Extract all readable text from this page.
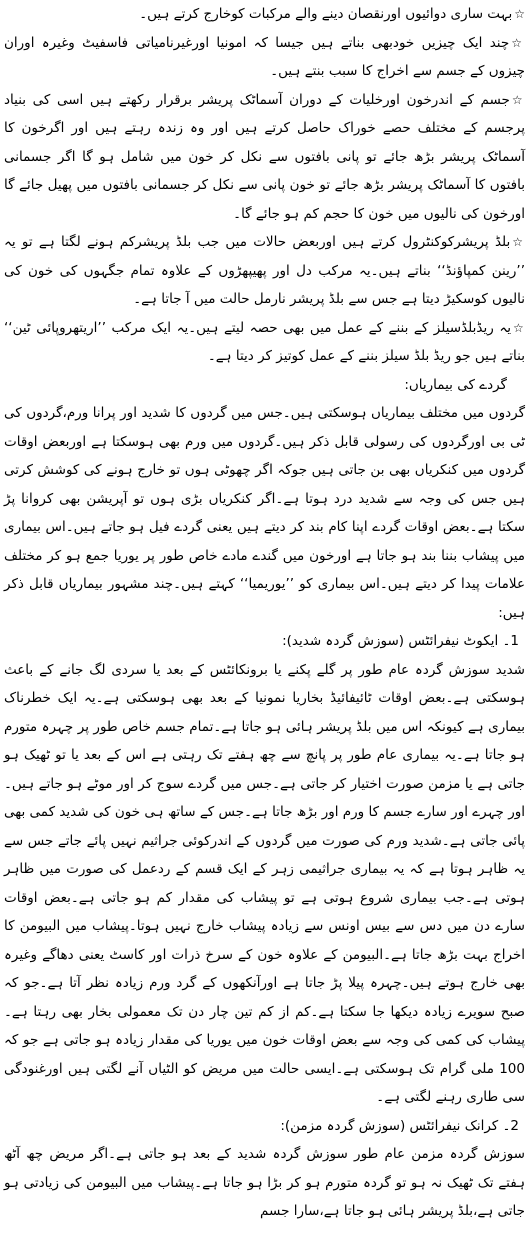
☆بہت ساری دوائیوں اورنقصان دینے والے مرکبات کوخارج کرتے ہیں۔

☆چند ایک چیزیں خودبھی بناتے ہیں جیسا کہ امونیا اورغیرنامیاتی فاسفیٹ وغیرہ اوران چیزوں کے جسم سے اخراج کا سبب بنتے ہیں۔

☆جسم کے اندرخون اورخلیات کے دوران آسماٹک پریشر برقرار رکھتے ہیں اسی کی بنیاد پرجسم کے مختلف حصے خوراک حاصل کرتے ہیں اور وہ زندہ رہتے ہیں اور اگرخون کا آسماٹک پریشر بڑھ جائے تو پانی بافتوں سے نکل کر خون میں شامل ہو گا اگر جسمانی بافتوں کا آسماٹک پریشر بڑھ جائے تو خون پانی سے نکل کر جسمانی بافتوں میں پھیل جائے گا اورخون کی نالیوں میں خون کا حجم کم ہو جائے گا۔

☆بلڈ پریشرکوکنٹرول کرتے ہیں اوربعض حالات میں جب بلڈ پریشرکم ہونے لگتا ہے تو یہ ’’رینن کمپاؤنڈ‘‘ بناتے ہیں۔یہ مرکب دل اور پھیپھڑوں کے علاوہ تمام جگہوں کی خون کی نالیوں کوسکیڑ دیتا ہے جس سے بلڈ پریشر نارمل حالت میں آ جاتا ہے۔

☆یہ ریڈبلڈسیلز کے بننے کے عمل میں بھی حصہ لیتے ہیں۔یہ ایک مرکب ’’اریتھروپائی ٹین‘‘ بناتے ہیں جو ریڈ بلڈ سیلز بننے کے عمل کوتیز کر دیتا ہے۔

گردے کی بیماریاں:

گردوں میں مختلف بیماریاں ہوسکتی ہیں۔جس میں گردوں کا شدید اور پرانا ورم،گردوں کی ٹی بی اورگردوں کی رسولی قابل ذکر ہیں۔گردوں میں ورم بھی ہوسکتا ہے اوربعض اوقات گردوں میں کنکریاں بھی بن جاتی ہیں جوکہ اگر چھوٹی ہوں تو خارج ہونے کی کوشش کرتی ہیں جس کی وجہ سے شدید درد ہوتا ہے۔اگر کنکریاں بڑی ہوں تو آپریشن بھی کروانا پڑ سکتا ہے۔بعض اوقات گردے اپنا کام بند کر دیتے ہیں یعنی گردے فیل ہو جاتے ہیں۔اس بیماری میں پیشاب بننا بند ہو جاتا ہے اورخون میں گندے مادے خاص طور پر یوریا جمع ہو کر مختلف علامات پیدا کر دیتے ہیں۔اس بیماری کو ’’یوریمیا‘‘ کہتے ہیں۔چند مشہور بیماریاں قابل ذکر ہیں:

1۔ ایکوٹ نیفرائٹس (سوزش گردہ شدید):

شدید سوزش گردہ عام طور پر گلے پکنے یا برونکائٹس کے بعد یا سردی لگ جانے کے باعث ہوسکتی ہے۔بعض اوقات ٹائیفائیڈ بخاریا نمونیا کے بعد بھی ہوسکتی ہے۔یہ ایک خطرناک بیماری ہے کیونکہ اس میں بلڈ پریشر ہائی ہو جاتا ہے۔تمام جسم خاص طور پر چہرہ متورم ہو جاتا ہے۔یہ بیماری عام طور پر پانچ سے چھ ہفتے تک رہتی ہے اس کے بعد یا تو ٹھیک ہو جاتی ہے یا مزمن صورت اختیار کر جاتی ہے۔جس میں گردے سوج کر اور موٹے ہو جاتے ہیں۔اور چہرے اور سارے جسم کا ورم اور بڑھ جاتا ہے۔جس کے ساتھ ہی خون کی شدید کمی بھی پائی جاتی ہے۔شدید ورم کی صورت میں گردوں کے اندرکوئی جراثیم نہیں پائے جاتے جس سے یہ ظاہر ہوتا ہے کہ یہ بیماری جراثیمی زہر کے ایک قسم کے ردعمل کی صورت میں ظاہر ہوتی ہے۔جب بیماری شروع ہوتی ہے تو پیشاب کی مقدار کم ہو جاتی ہے۔بعض اوقات سارے دن میں دس سے بیس اونس سے زیادہ پیشاب خارج نہیں ہوتا۔پیشاب میں البیومن کا اخراج بہت بڑھ جاتا ہے۔البیومن کے علاوہ خون کے سرخ ذرات اور کاسٹ یعنی دھاگے وغیرہ بھی خارج ہوتے ہیں۔چہرہ پیلا پڑ جاتا ہے اورآنکھوں کے گرد ورم زیادہ نظر آتا ہے۔جو کہ صبح سویرے زیادہ دیکھا جا سکتا ہے۔کم از کم تین چار دن تک معمولی بخار بھی رہتا ہے۔پیشاب کی کمی کی وجہ سے بعض اوقات خون میں یوریا کی مقدار زیادہ ہو جاتی ہے جو کہ 100 ملی گرام تک ہوسکتی ہے۔ایسی حالت میں مریض کو الٹیاں آنے لگتی ہیں اورغنودگی سی طاری رہنے لگتی ہے۔

2۔ کرانک نیفرائٹس (سوزش گردہ مزمن):

سوزش گردہ مزمن عام طور سوزش گردہ شدید کے بعد ہو جاتی ہے۔اگر مریض چھ آٹھ ہفتے تک ٹھیک نہ ہو تو گردہ متورم ہو کر بڑا ہو جاتا ہے۔پیشاب میں البیومن کی زیادتی ہو جاتی ہے،بلڈ پریشر ہائی ہو جاتا ہے،سارا جسم
